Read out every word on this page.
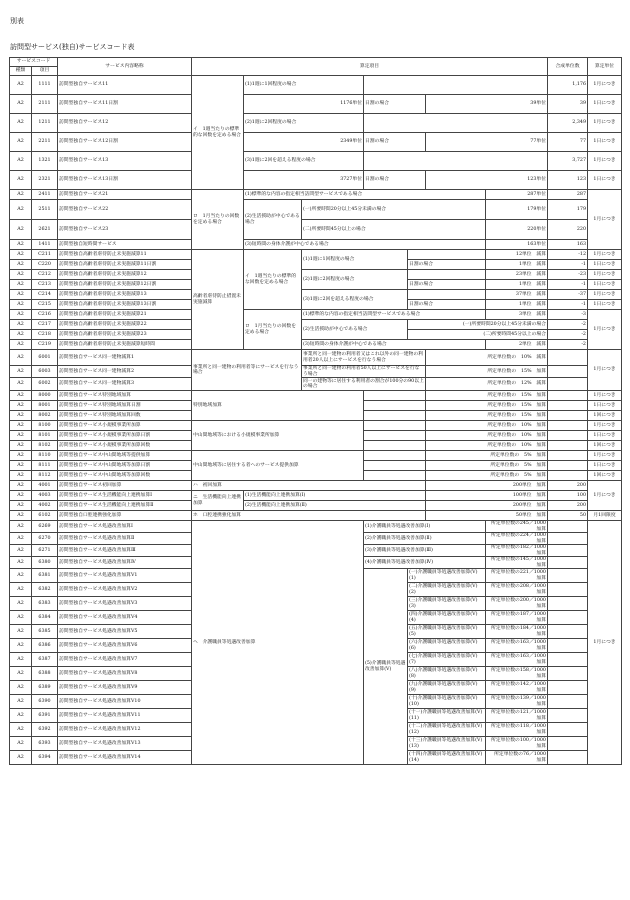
別表
訪問型サービス(独自)サービスコード表
サービスコード		サービス内容略称	算定項目							合成単位数	算定単位
種類	項目										
A2	1111	訪問型独自サービス11	イ　1週当たりの標準的な回数を定める場合	(1)1週に1回程度の場合						1,176	1月につき
A2	2111	訪問型独自サービス11日割		1176単位		日割の場合		39単位		39	1日につき
A2	1211	訪問型独自サービス12		(2)1週に2回程度の場合						2,349	1月につき
A2	2211	訪問型独自サービス12日割		2349単位		日割の場合		77単位		77	1日につき
A2	1321	訪問型独自サービス13		(3)1週に2回を超える程度の場合						3,727	1月につき
A2	2321	訪問型独自サービス13日割		3727単位		日割の場合		123単位		123	1日につき
A2	2411	訪問型独自サービス21	ロ　1月当たりの回数を定める場合	(1)標準的な内容の指定相当訪問型サービスである場合					287単位	287	1月につき
A2	2511	訪問型独自サービス22		(2)生活援助が中心である場合	(一)所要時間20分以上45分未満の場合				179単位	179	
A2	2621	訪問型独自サービス23			(二)所要時間45分以上の場合				220単位	220	
A2	1411	訪問型独自短時間サービス		(3)短時間の身体介護が中心である場合					163単位	163	
A2	C211	訪問型独自高齢者虐待防止未実施減算11	高齢者虐待防止措置未実施減算	イ　1週当たりの標準的な回数を定める場合	(1)1週に1回程度の場合				12単位　減算	-12	1月につき
A2	C220	訪問型独自高齢者虐待防止未実施減算11日割					日割の場合		1単位　減算	-1	1日につき
A2	C212	訪問型独自高齢者虐待防止未実施減算12			(2)1週に2回程度の場合				23単位　減算	-23	1月につき
A2	C213	訪問型独自高齢者虐待防止未実施減算12日割					日割の場合		1単位　減算	-1	1日につき
A2	C214	訪問型独自高齢者虐待防止未実施減算13			(3)1週に2回を超える程度の場合				37単位　減算	-37	1月につき
A2	C215	訪問型独自高齢者虐待防止未実施減算13日割					日割の場合		1単位　減算	-1	1日につき
A2	C216	訪問型独自高齢者虐待防止未実施減算21		ロ　1月当たりの回数を定める場合	(1)標準的な内容の指定相当訪問型サービスである場合				3単位　減算	-3	1月につき
A2	C217	訪問型独自高齢者虐待防止未実施減算22			(2)生活援助が中心である場合		(一)所要時間20分以上45分未満の場合			-2	
A2	C218	訪問型独自高齢者虐待防止未実施減算23					(二)所要時間45分以上の場合			-2	
A2	C219	訪問型独自高齢者虐待防止未実施減算短時間			(3)短時間の身体介護が中心である場合				2単位　減算	-2	
A2	6001	訪問型独自サービス同一建物減算1	事業所と同一建物の利用者等にサービスを行なう場合		事業所と同一建物の利用者又はこれ以外の同一建物の利用者20人以上にサービスを行なう場合			所定単位数の　10%　減算			1月につき
A2	6003	訪問型独自サービス同一建物減算2			事業所と同一建物の利用者50人以上にサービスを行なう場合			所定単位数の　15%　加算			
A2	6002	訪問型独自サービス同一建物減算3			同一の建物等に居住する利用者の割合が100分の90以上の場合			所定単位数の　12%　減算			
A2	8000	訪問型独自サービス特別地域加算	特別地域加算					所定単位数の　15%　加算			1月につき
A2	8001	訪問型独自サービス特別地域加算日割						所定単位数の　15%　加算			1日につき
A2	8002	訪問型独自サービス特別地域加算回数						所定単位数の　15%　加算			1回につき
A2	8100	訪問型独自サービス小規模事業所加算	中山間地域等における小規模事業所加算					所定単位数の　10%　加算			1月につき
A2	8101	訪問型独自サービス小規模事業所加算日割						所定単位数の　10%　加算			1日につき
A2	8102	訪問型独自サービス小規模事業所加算回数						所定単位数の　10%　加算			1回につき
A2	8110	訪問型独自サービス中山間地域等提供加算	中山間地域等に居住する者へのサービス提供加算					所定単位数の　5%　加算			1月につき
A2	8111	訪問型独自サービス中山間地域等加算日割						所定単位数の　5%　加算			1日につき
A2	8112	訪問型独自サービス中山間地域等加算回数						所定単位数の　5%　加算			1回につき
A2	4001	訪問型独自サービス初回加算	ハ　初回加算					200単位　加算		200	1月につき
A2	4003	訪問型独自サービス生活機能向上連携加算Ⅰ	ニ　生活機能向上連携加算	(1)生活機能向上連携加算(Ⅰ)				100単位　加算		100	
A2	4002	訪問型独自サービス生活機能向上連携加算Ⅱ		(2)生活機能向上連携加算(Ⅱ)				200単位　加算		200	
A2	6102	訪問型独自口腔連携強化加算	ホ　口腔連携強化加算					50単位　加算		50	月1回限度
A2	6269	訪問型独自サービス処遇改善加算Ⅰ	ヘ　介護職員等処遇改善加算			(1)介護職員等処遇改善加算(Ⅰ)			所定単位数の245／1000　加算		1月につき
A2	6270	訪問型独自サービス処遇改善加算Ⅱ				(2)介護職員等処遇改善加算(Ⅱ)			所定単位数の224／1000　加算		
A2	6271	訪問型独自サービス処遇改善加算Ⅲ				(3)介護職員等処遇改善加算(Ⅲ)			所定単位数の182／1000　加算		
A2	6380	訪問型独自サービス処遇改善加算Ⅳ				(4)介護職員等処遇改善加算(Ⅳ)			所定単位数の145／1000　加算		
A2	6381	訪問型独自サービス処遇改善加算Ⅴ1				(5)介護職員等処遇改善加算(Ⅴ)	(一)介護職員等処遇改善加算(Ⅴ)(1)		所定単位数の221／1000　加算		
A2	6382	訪問型独自サービス処遇改善加算Ⅴ2					(二)介護職員等処遇改善加算(Ⅴ)(2)		所定単位数の208／1000　加算		
A2	6383	訪問型独自サービス処遇改善加算Ⅴ3					(三)介護職員等処遇改善加算(Ⅴ)(3)		所定単位数の200／1000　加算		
A2	6384	訪問型独自サービス処遇改善加算Ⅴ4					(四)介護職員等処遇改善加算(Ⅴ)(4)		所定単位数の187／1000　加算		
A2	6385	訪問型独自サービス処遇改善加算Ⅴ5					(五)介護職員等処遇改善加算(Ⅴ)(5)		所定単位数の184／1000　加算		
A2	6386	訪問型独自サービス処遇改善加算Ⅴ6					(六)介護職員等処遇改善加算(Ⅴ)(6)		所定単位数の163／1000　加算		
A2	6387	訪問型独自サービス処遇改善加算Ⅴ7					(七)介護職員等処遇改善加算(Ⅴ)(7)		所定単位数の163／1000　加算		
A2	6388	訪問型独自サービス処遇改善加算Ⅴ8					(八)介護職員等処遇改善加算(Ⅴ)(8)		所定単位数の158／1000　加算		
A2	6389	訪問型独自サービス処遇改善加算Ⅴ9					(九)介護職員等処遇改善加算(Ⅴ)(9)		所定単位数の142／1000　加算		
A2	6390	訪問型独自サービス処遇改善加算Ⅴ10					(十)介護職員等処遇改善加算(Ⅴ)(10)		所定単位数の139／1000　加算		
A2	6391	訪問型独自サービス処遇改善加算Ⅴ11					(十一)介護職員等処遇改善加算(Ⅴ)(11)		所定単位数の121／1000　加算		
A2	6392	訪問型独自サービス処遇改善加算Ⅴ12					(十二)介護職員等処遇改善加算(Ⅴ)(12)		所定単位数の118／1000　加算		
A2	6393	訪問型独自サービス処遇改善加算Ⅴ13					(十三)介護職員等処遇改善加算(Ⅴ)(13)		所定単位数の100／1000　加算		
A2	6394	訪問型独自サービス処遇改善加算Ⅴ14					(十四)介護職員等処遇改善加算(Ⅴ)(14)		所定単位数の76／1000　加算		
